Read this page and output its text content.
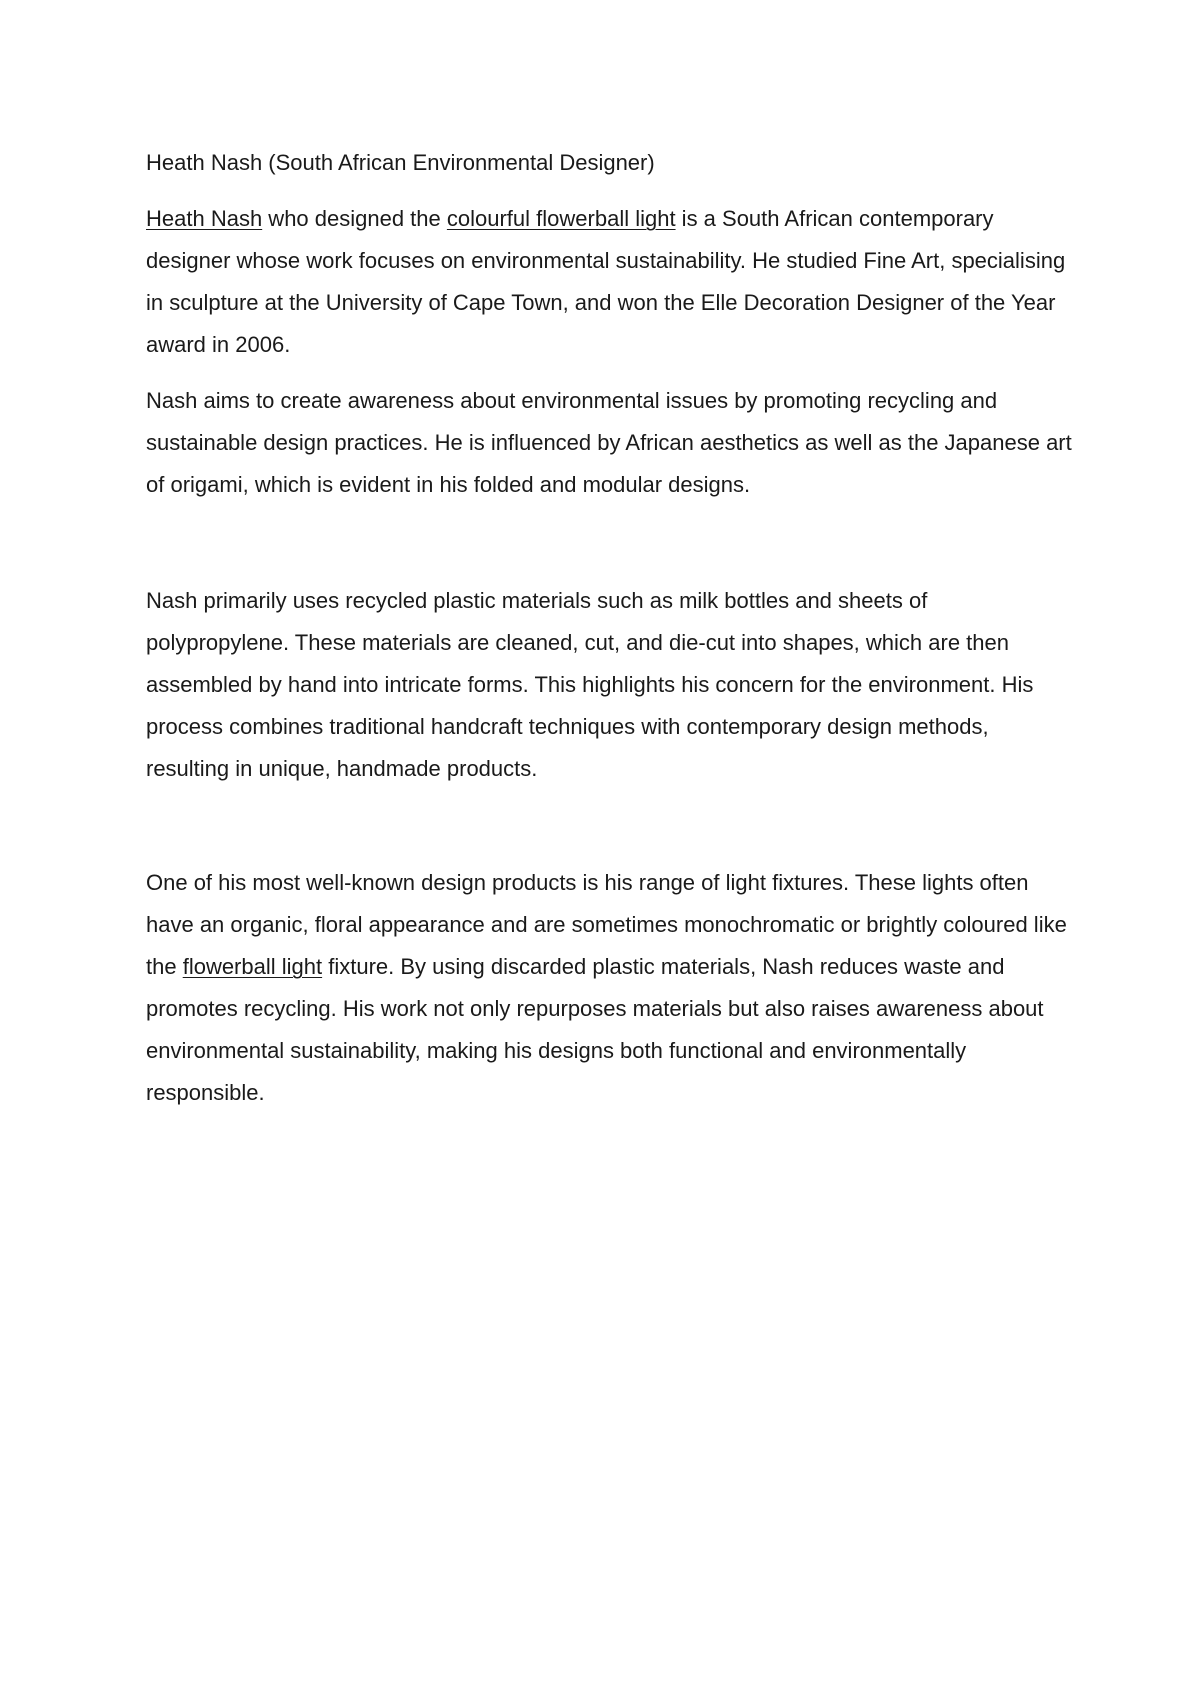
Heath Nash (South African Environmental Designer)

Heath Nash who designed the colourful flowerball light is a South African contemporary designer whose work focuses on environmental sustainability. He studied Fine Art, specialising in sculpture at the University of Cape Town, and won the Elle Decoration Designer of the Year award in 2006.

Nash aims to create awareness about environmental issues by promoting recycling and sustainable design practices. He is influenced by African aesthetics as well as the Japanese art of origami, which is evident in his folded and modular designs.

Nash primarily uses recycled plastic materials such as milk bottles and sheets of polypropylene. These materials are cleaned, cut, and die-cut into shapes, which are then assembled by hand into intricate forms. This highlights his concern for the environment. His process combines traditional handcraft techniques with contemporary design methods, resulting in unique, handmade products.

One of his most well-known design products is his range of light fixtures. These lights often have an organic, floral appearance and are sometimes monochromatic or brightly coloured like the flowerball light fixture. By using discarded plastic materials, Nash reduces waste and promotes recycling. His work not only repurposes materials but also raises awareness about environmental sustainability, making his designs both functional and environmentally responsible.
